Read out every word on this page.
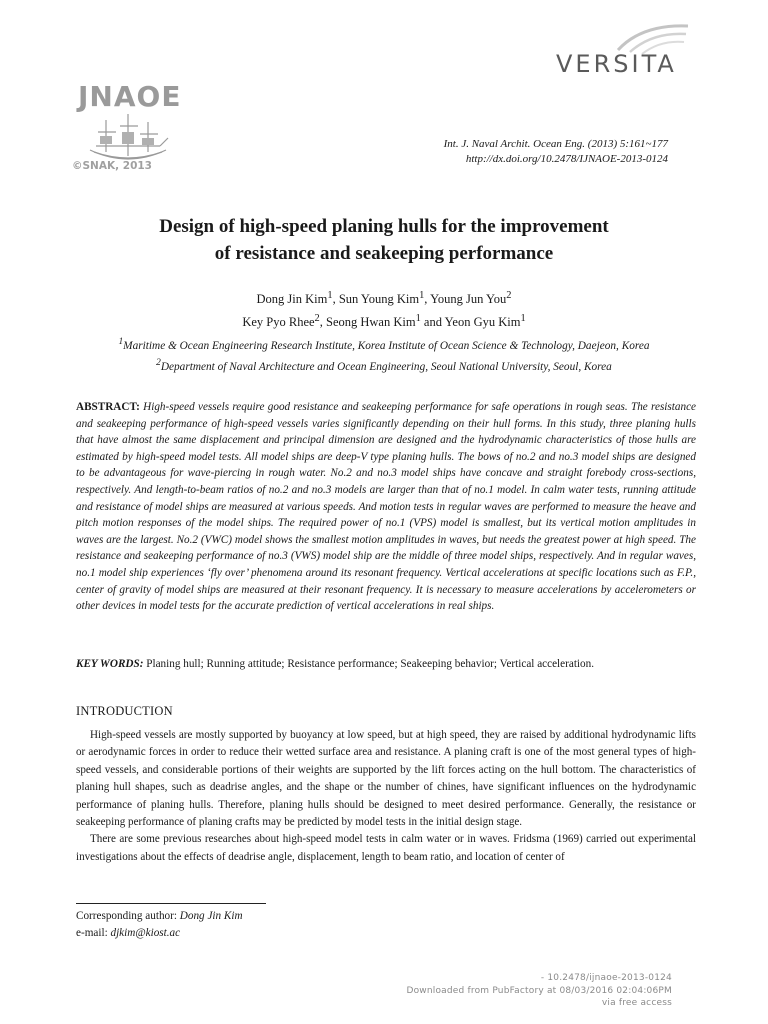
JNAOE
©SNAK, 2013
VERSITA
Int. J. Naval Archit. Ocean Eng. (2013) 5:161~177
http://dx.doi.org/10.2478/IJNAOE-2013-0124
Design of high-speed planing hulls for the improvement
of resistance and seakeeping performance
Dong Jin Kim$^1$, Sun Young Kim$^1$, Young Jun You$^2$
Key Pyo Rhee$^2$, Seong Hwan Kim$^1$ and Yeon Gyu Kim$^1$
$^1$Maritime & Ocean Engineering Research Institute, Korea Institute of Ocean Science & Technology, Daejeon, Korea
$^2$Department of Naval Architecture and Ocean Engineering, Seoul National University, Seoul, Korea
ABSTRACT: High-speed vessels require good resistance and seakeeping performance for safe operations in rough seas. The resistance and seakeeping performance of high-speed vessels varies significantly depending on their hull forms. In this study, three planing hulls that have almost the same displacement and principal dimension are designed and the hydrodynamic characteristics of those hulls are estimated by high-speed model tests. All model ships are deep-V type planing hulls. The bows of no.2 and no.3 model ships are designed to be advantageous for wave-piercing in rough water. No.2 and no.3 model ships have concave and straight forebody cross-sections, respectively. And length-to-beam ratios of no.2 and no.3 models are larger than that of no.1 model. In calm water tests, running attitude and resistance of model ships are measured at various speeds. And motion tests in regular waves are performed to measure the heave and pitch motion responses of the model ships. The required power of no.1 (VPS) model is smallest, but its vertical motion amplitudes in waves are the largest. No.2 (VWC) model shows the smallest motion amplitudes in waves, but needs the greatest power at high speed. The resistance and seakeeping performance of no.3 (VWS) model ship are the middle of three model ships, respectively. And in regular waves, no.1 model ship experiences ‘fly over’ phenomena around its resonant frequency. Vertical accelerations at specific locations such as F.P., center of gravity of model ships are measured at their resonant frequency. It is necessary to measure accelerations by accelerometers or other devices in model tests for the accurate prediction of vertical accelerations in real ships.
KEY WORDS: Planing hull; Running attitude; Resistance performance; Seakeeping behavior; Vertical acceleration.
INTRODUCTION

High-speed vessels are mostly supported by buoyancy at low speed, but at high speed, they are raised by additional hydrodynamic lifts or aerodynamic forces in order to reduce their wetted surface area and resistance. A planing craft is one of the most general types of high-speed vessels, and considerable portions of their weights are supported by the lift forces acting on the hull bottom. The characteristics of planing hull shapes, such as deadrise angles, and the shape or the number of chines, have significant influences on the hydrodynamic performance of planing hulls. Therefore, planing hulls should be designed to meet desired performance. Generally, the resistance or seakeeping performance of planing crafts may be predicted by model tests in the initial design stage.

There are some previous researches about high-speed model tests in calm water or in waves. Fridsma (1969) carried out experimental investigations about the effects of deadrise angle, displacement, length to beam ratio, and location of center of

Corresponding author: Dong Jin Kim
e-mail: djkim@kiost.ac
- 10.2478/ijnaoe-2013-0124
Downloaded from PubFactory at 08/03/2016 02:04:06PM
via free access
